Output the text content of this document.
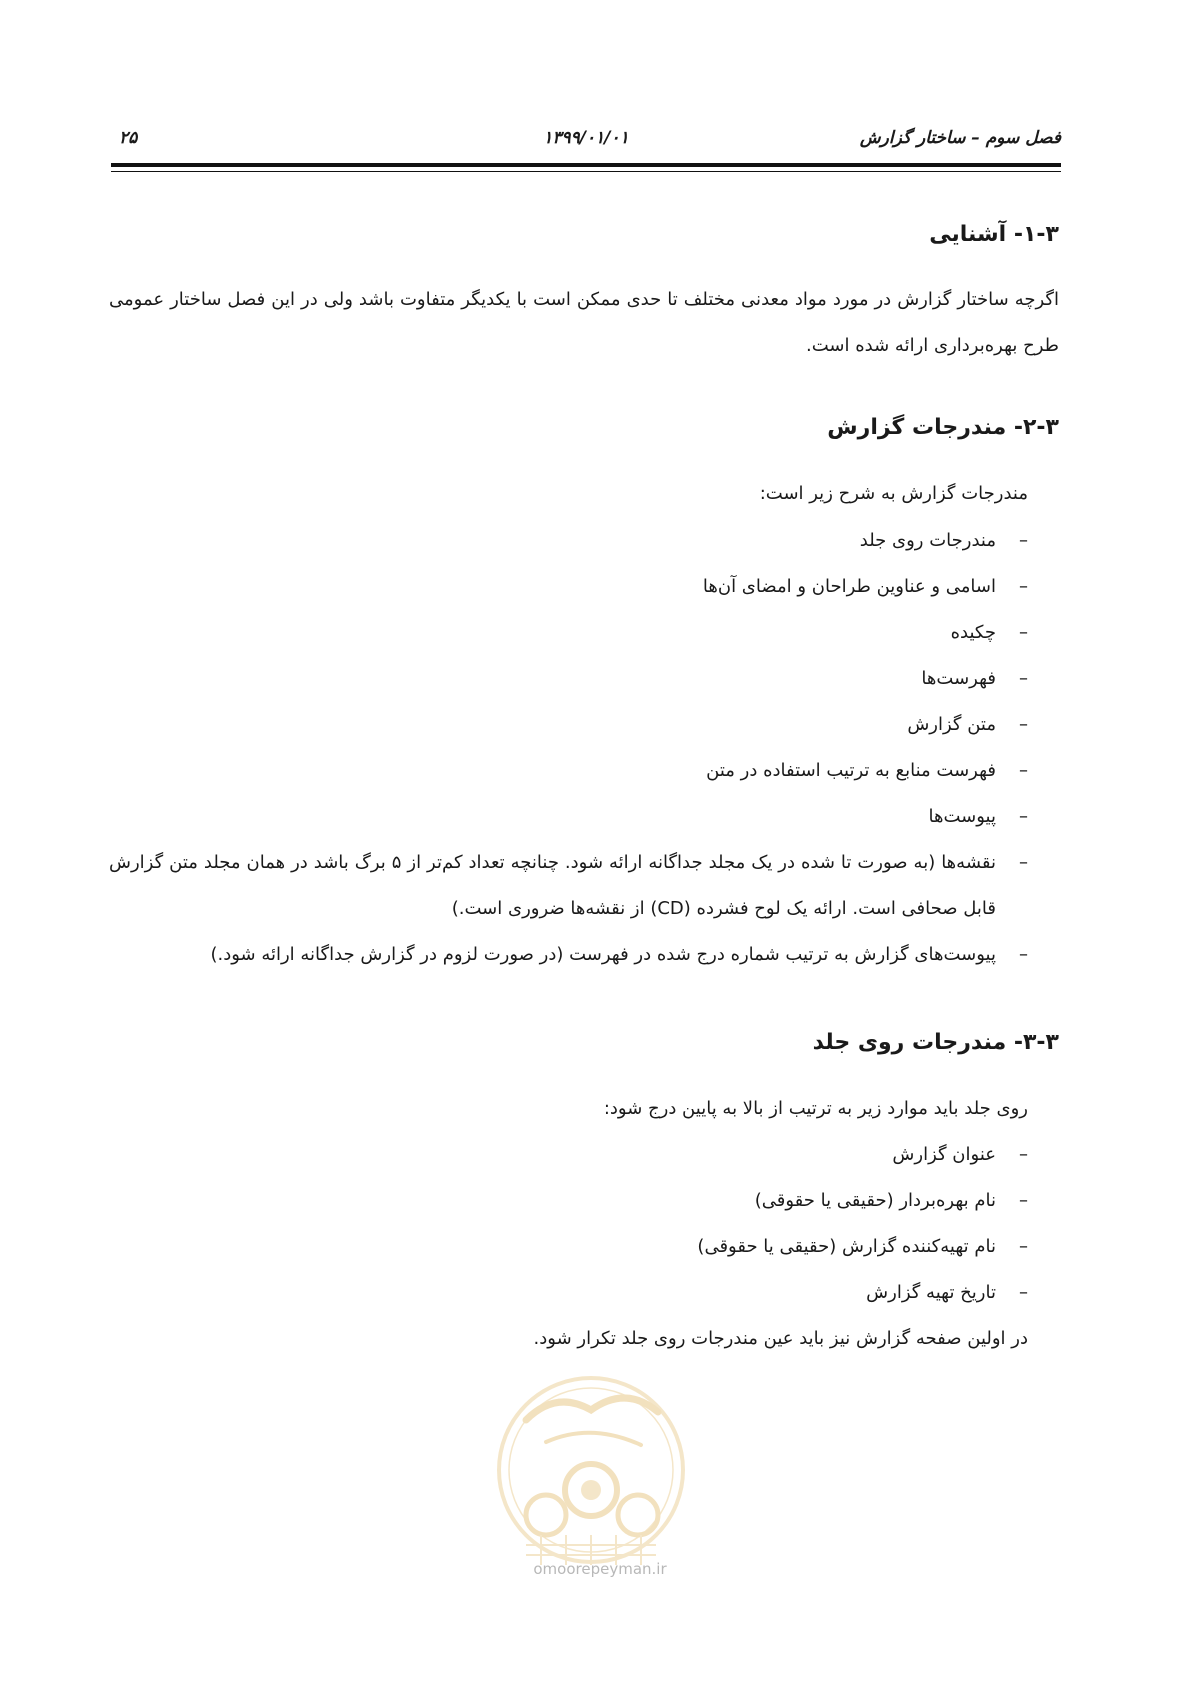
فصل سوم – ساختار گزارش
۱۳۹۹/۰۱/۰۱
۲۵
۱-۳- آشنایی
اگرچه ساختار گزارش در مورد مواد معدنی مختلف تا حدی ممکن است با یکدیگر متفاوت باشد ولی در این فصل ساختار عمومی طرح بهره‌برداری ارائه شده است.
۲-۳- مندرجات گزارش
مندرجات گزارش به شرح زیر است:
–مندرجات روی جلد
–اسامی و عناوین طراحان و امضای آن‌ها
–چکیده
–فهرست‌ها
–متن گزارش
–فهرست منابع به ترتیب استفاده در متن
–پیوست‌ها
–
نقشه‌ها (به صورت تا شده در یک مجلد جداگانه ارائه شود. چنانچه تعداد کم‌تر از ۵ برگ باشد در همان مجلد متن گزارش قابل صحافی است. ارائه یک لوح فشرده (CD) از نقشه‌ها ضروری است.)
–پیوست‌های گزارش به ترتیب شماره درج شده در فهرست (در صورت لزوم در گزارش جداگانه ارائه شود.)
۳-۳- مندرجات روی جلد
روی جلد باید موارد زیر به ترتیب از بالا به پایین درج شود:
–عنوان گزارش
–نام بهره‌بردار (حقیقی یا حقوقی)
–نام تهیه‌کننده گزارش (حقیقی یا حقوقی)
–تاریخ تهیه گزارش
در اولین صفحه گزارش نیز باید عین مندرجات روی جلد تکرار شود.
omoorepeyman.ir
